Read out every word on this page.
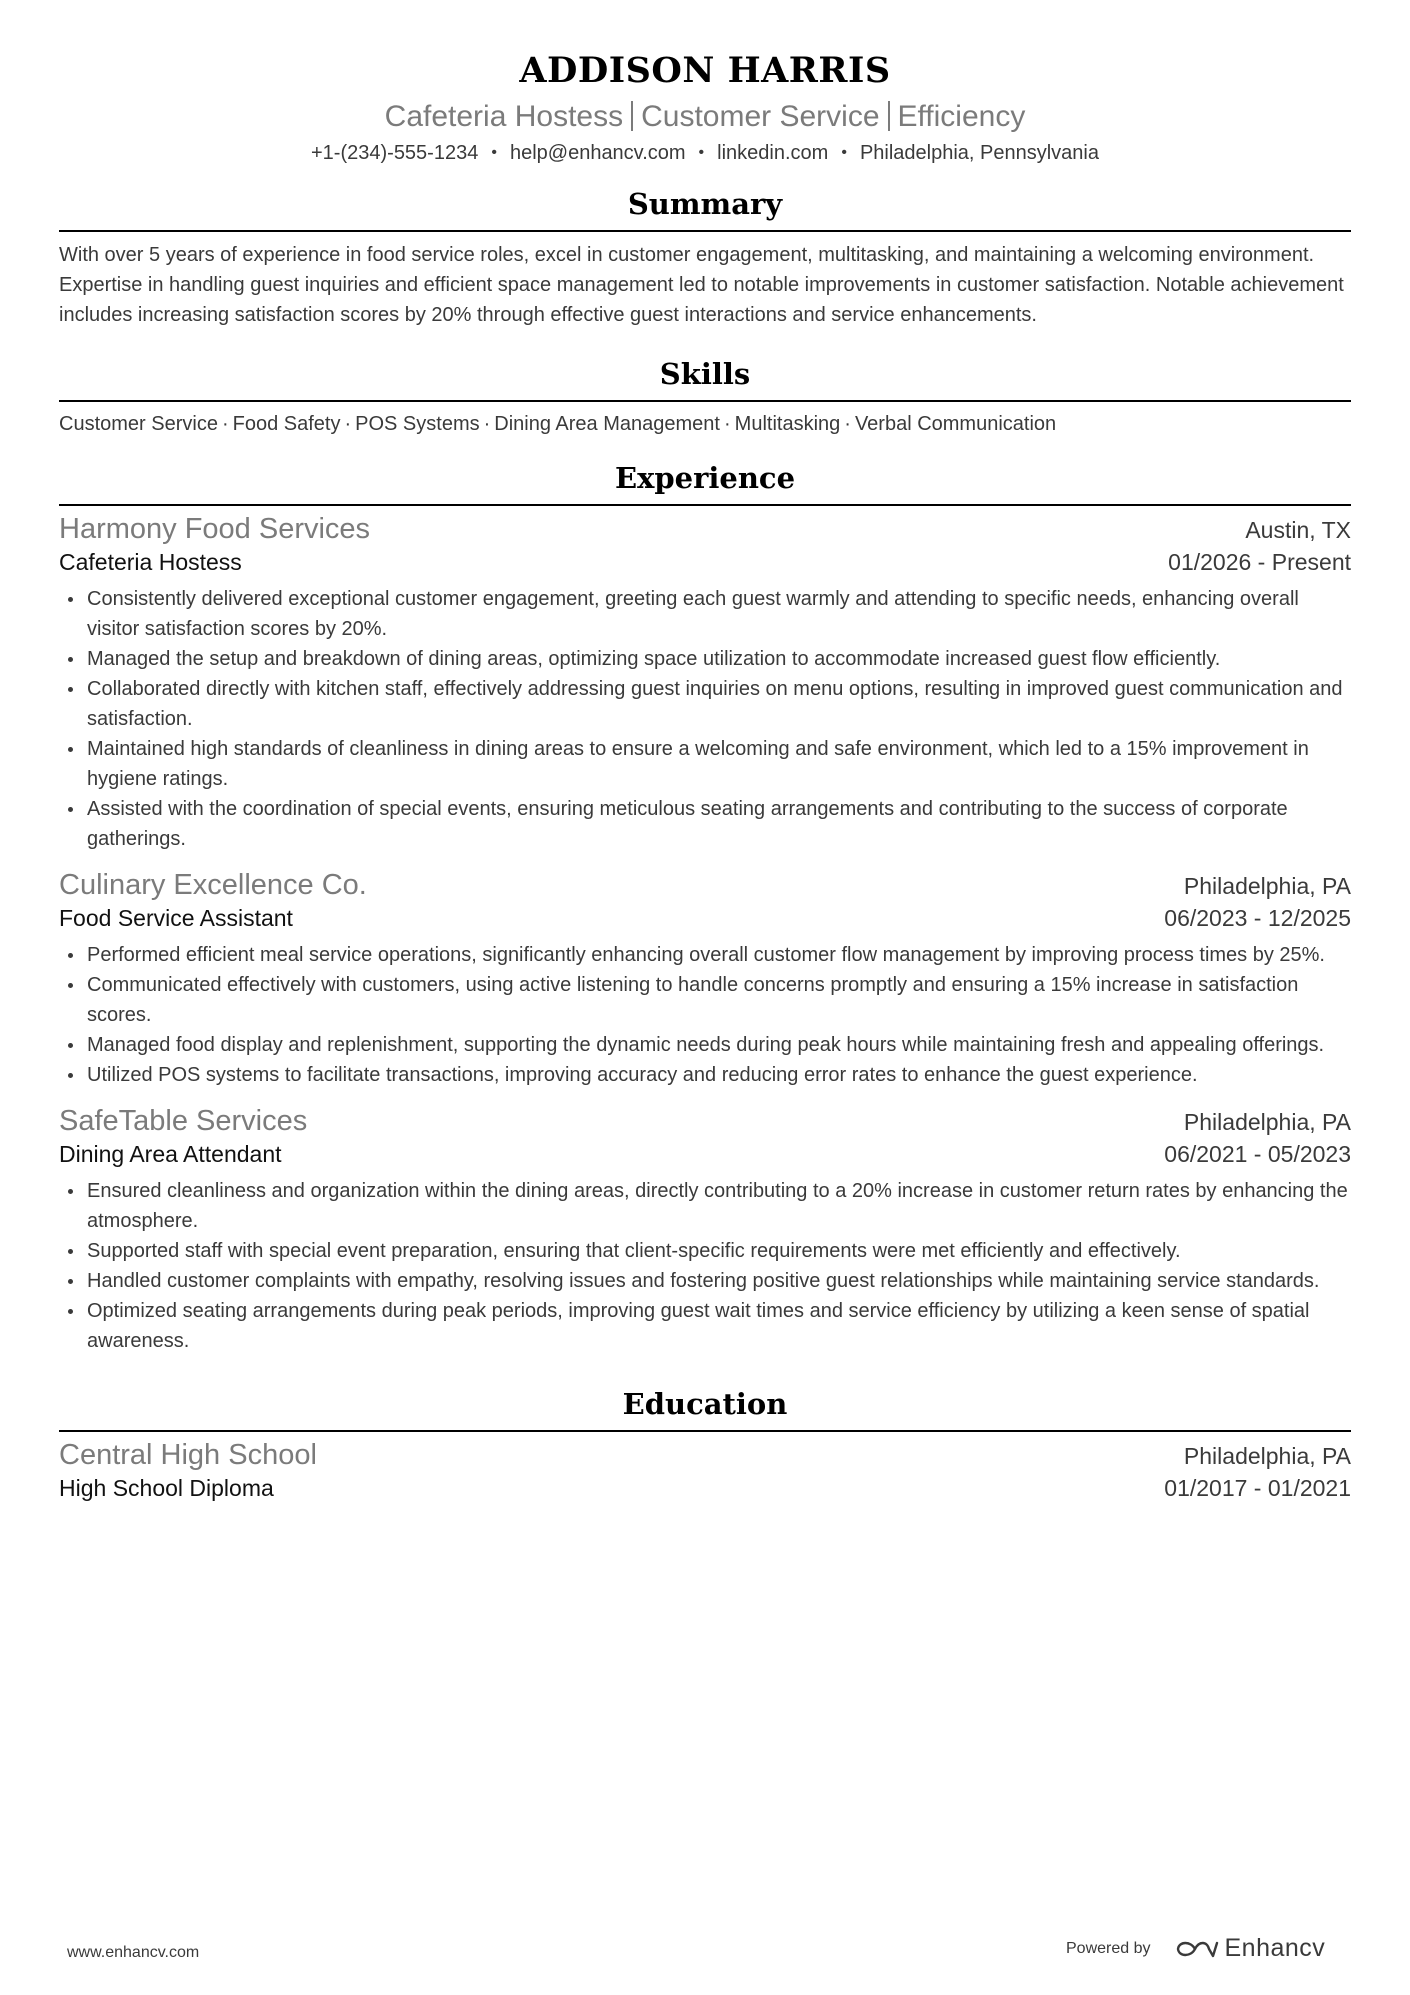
ADDISON HARRIS
Cafeteria Hostess Customer Service Efficiency
+1-(234)-555-1234 • help@enhancv.com • linkedin.com • Philadelphia, Pennsylvania
Summary
With over 5 years of experience in food service roles, excel in customer engagement, multitasking, and maintaining a welcoming environment. Expertise in handling guest inquiries and efficient space management led to notable improvements in customer satisfaction. Notable achievement includes increasing satisfaction scores by 20% through effective guest interactions and service enhancements.
Skills
Customer Service · Food Safety · POS Systems · Dining Area Management · Multitasking · Verbal Communication
Experience
Harmony Food Services	Austin, TX
Cafeteria Hostess	01/2026 - Present
Consistently delivered exceptional customer engagement, greeting each guest warmly and attending to specific needs, enhancing overall visitor satisfaction scores by 20%.
Managed the setup and breakdown of dining areas, optimizing space utilization to accommodate increased guest flow efficiently.
Collaborated directly with kitchen staff, effectively addressing guest inquiries on menu options, resulting in improved guest communication and satisfaction.
Maintained high standards of cleanliness in dining areas to ensure a welcoming and safe environment, which led to a 15% improvement in hygiene ratings.
Assisted with the coordination of special events, ensuring meticulous seating arrangements and contributing to the success of corporate gatherings.
Culinary Excellence Co.	Philadelphia, PA
Food Service Assistant	06/2023 - 12/2025
Performed efficient meal service operations, significantly enhancing overall customer flow management by improving process times by 25%.
Communicated effectively with customers, using active listening to handle concerns promptly and ensuring a 15% increase in satisfaction scores.
Managed food display and replenishment, supporting the dynamic needs during peak hours while maintaining fresh and appealing offerings.
Utilized POS systems to facilitate transactions, improving accuracy and reducing error rates to enhance the guest experience.
SafeTable Services	Philadelphia, PA
Dining Area Attendant	06/2021 - 05/2023
Ensured cleanliness and organization within the dining areas, directly contributing to a 20% increase in customer return rates by enhancing the atmosphere.
Supported staff with special event preparation, ensuring that client-specific requirements were met efficiently and effectively.
Handled customer complaints with empathy, resolving issues and fostering positive guest relationships while maintaining service standards.
Optimized seating arrangements during peak periods, improving guest wait times and service efficiency by utilizing a keen sense of spatial awareness.
Education
Central High School	Philadelphia, PA
High School Diploma	01/2017 - 01/2021
www.enhancv.com	Powered by	Enhancv
